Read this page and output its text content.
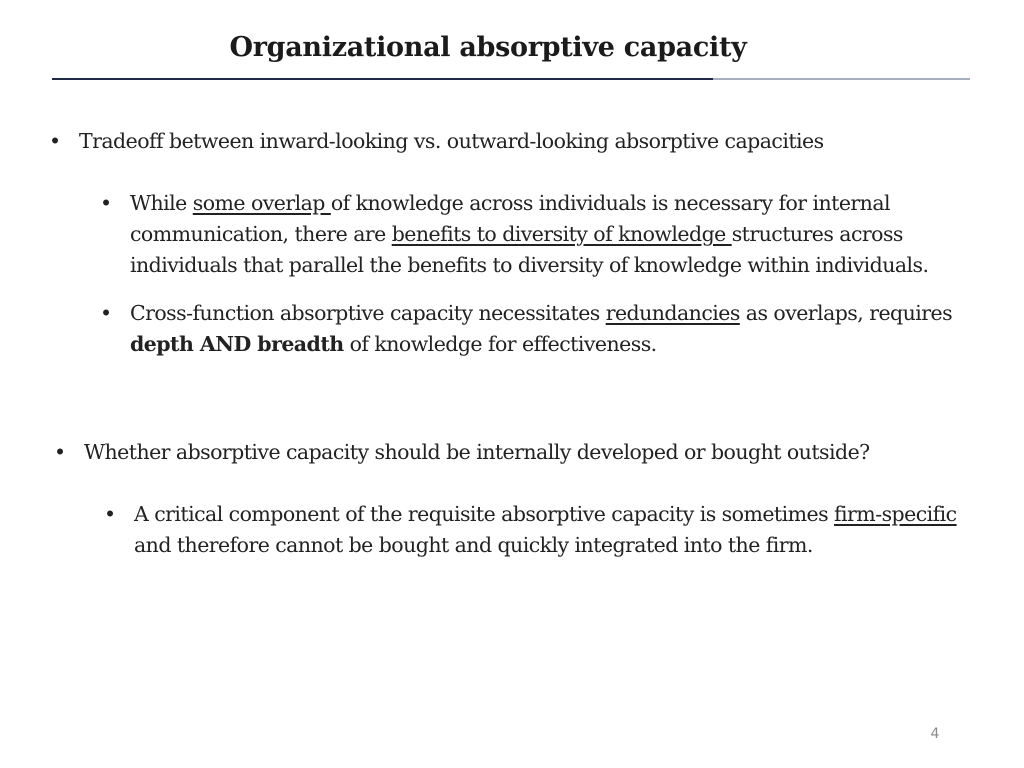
Organizational absorptive capacity
• Tradeoff between inward-looking vs. outward-looking absorptive capacities
• While some overlap of knowledge across individuals is necessary for internal communication, there are benefits to diversity of knowledge structures across individuals that parallel the benefits to diversity of knowledge within individuals.
• Cross-function absorptive capacity necessitates redundancies as overlaps, requires depth AND breadth of knowledge for effectiveness.
• Whether absorptive capacity should be internally developed or bought outside?
• A critical component of the requisite absorptive capacity is sometimes firm-specific and therefore cannot be bought and quickly integrated into the firm.
4
